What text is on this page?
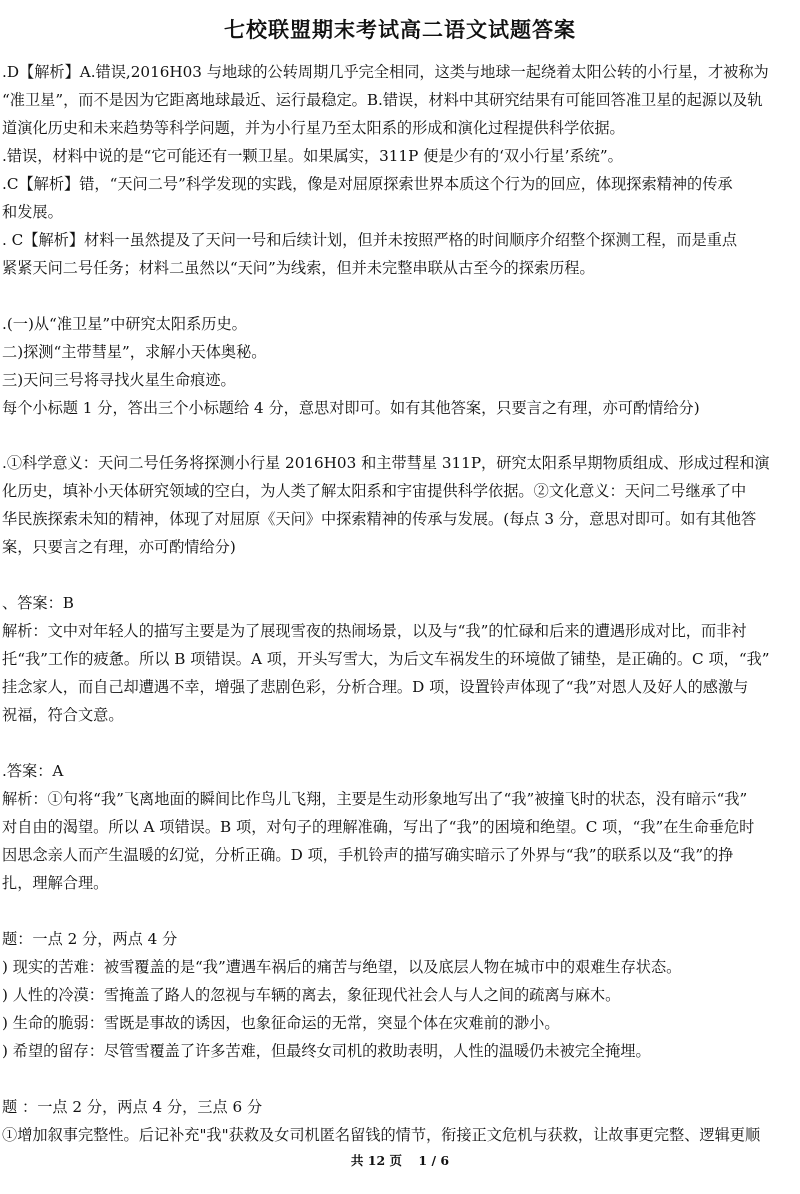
七校联盟期末考试高二语文试题答案
.D【解析】A.错误,2016H03 与地球的公转周期几乎完全相同，这类与地球一起绕着太阳公转的小行星，才被称为
“准卫星”，而不是因为它距离地球最近、运行最稳定。B.错误，材料中其研究结果有可能回答准卫星的起源以及轨
道演化历史和未来趋势等科学问题，并为小行星乃至太阳系的形成和演化过程提供科学依据。
.错误，材料中说的是“它可能还有一颗卫星。如果属实，311P 便是少有的‘双小行星’系统”。
.C【解析】错，“天问二号”科学发现的实践，像是对屈原探索世界本质这个行为的回应，体现探索精神的传承
和发展。
. C【解析】材料一虽然提及了天问一号和后续计划，但并未按照严格的时间顺序介绍整个探测工程，而是重点
紧紧天问二号任务；材料二虽然以“天问”为线索，但并未完整串联从古至今的探索历程。
.(一)从“准卫星”中研究太阳系历史。
二)探测“主带彗星”，求解小天体奥秘。
三)天问三号将寻找火星生命痕迹。
每个小标题 1 分，答出三个小标题给 4 分，意思对即可。如有其他答案，只要言之有理，亦可酌情给分)
.①科学意义：天问二号任务将探测小行星 2016H03 和主带彗星 311P，研究太阳系早期物质组成、形成过程和演
化历史，填补小天体研究领域的空白，为人类了解太阳系和宇宙提供科学依据。②文化意义：天问二号继承了中
华民族探索未知的精神，体现了对屈原《天问》中探索精神的传承与发展。(每点 3 分，意思对即可。如有其他答
案，只要言之有理，亦可酌情给分)
、答案：B
解析：文中对年轻人的描写主要是为了展现雪夜的热闹场景，以及与“我”的忙碌和后来的遭遇形成对比，而非衬
托“我”工作的疲惫。所以 B 项错误。A 项，开头写雪大，为后文车祸发生的环境做了铺垫，是正确的。C 项，“我”
挂念家人，而自己却遭遇不幸，增强了悲剧色彩，分析合理。D 项，设置铃声体现了“我”对恩人及好人的感激与
祝福，符合文意。
.答案：A
解析：①句将“我”飞离地面的瞬间比作鸟儿飞翔，主要是生动形象地写出了“我”被撞飞时的状态，没有暗示“我”
对自由的渴望。所以 A 项错误。B 项，对句子的理解准确，写出了“我”的困境和绝望。C 项，“我”在生命垂危时
因思念亲人而产生温暖的幻觉，分析正确。D 项，手机铃声的描写确实暗示了外界与“我”的联系以及“我”的挣
扎，理解合理。
题：一点 2 分，两点 4 分
) 现实的苦难：被雪覆盖的是“我”遭遇车祸后的痛苦与绝望，以及底层人物在城市中的艰难生存状态。
) 人性的冷漠：雪掩盖了路人的忽视与车辆的离去，象征现代社会人与人之间的疏离与麻木。
) 生命的脆弱：雪既是事故的诱因，也象征命运的无常，突显个体在灾难前的渺小。
) 希望的留存：尽管雪覆盖了许多苦难，但最终女司机的救助表明，人性的温暖仍未被完全掩埋。
题 ：一点 2 分，两点 4 分，三点 6 分
①增加叙事完整性。后记补充"我"获救及女司机匿名留钱的情节，衔接正文危机与获救，让故事更完整、逻辑更顺
共 12 页 1 / 6
